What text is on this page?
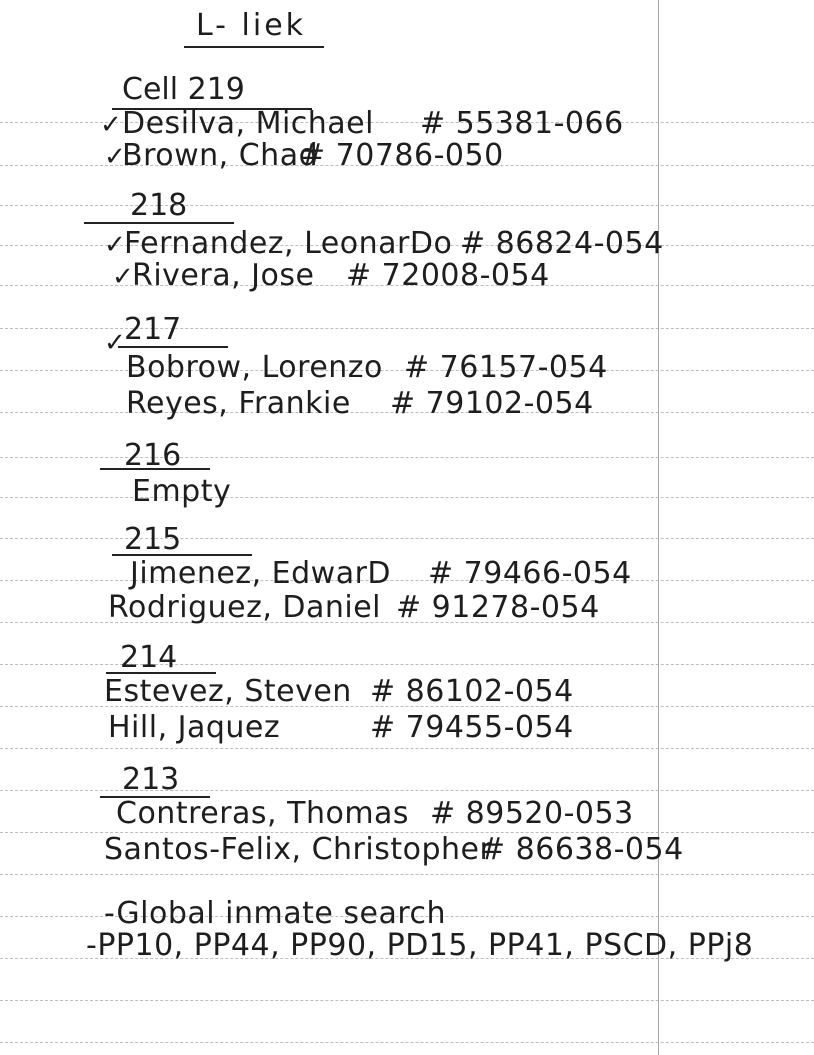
L- liek
Cell 219
✓ Desilva, Michael # 55381-066
✓
Brown, Chad
# 70786-050
218
✓
Fernandez, LeonarDo # 86824-054
✓
Rivera, Jose # 72008-054
✓
217
Bobrow, Lorenzo # 76157-054
Reyes, Frankie # 79102-054
216
Empty
215
Jimenez, EdwarD # 79466-054
Rodriguez, Daniel # 91278-054
214
Estevez, Steven # 86102-054
Hill, Jaquez	# 79455-054
213
Contreras, Thomas # 89520-053
Santos-Felix, Christopher
# 86638-054
-Global inmate search
-PP10, PP44, PP90, PD15, PP41, PSCD, PPj8
